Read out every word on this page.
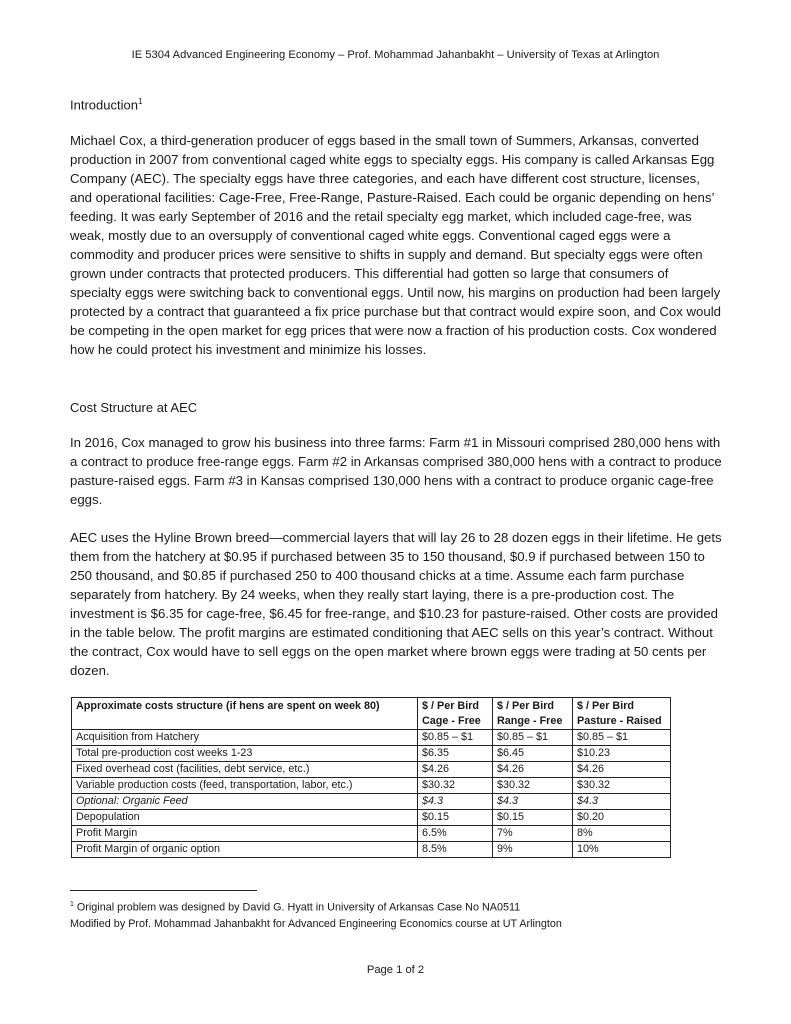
IE 5304 Advanced Engineering Economy – Prof. Mohammad Jahanbakht – University of Texas at Arlington
Introduction$^1$

Michael Cox, a third-generation producer of eggs based in the small town of Summers, Arkansas, converted production in 2007 from conventional caged white eggs to specialty eggs. His company is called Arkansas Egg Company (AEC). The specialty eggs have three categories, and each have different cost structure, licenses, and operational facilities: Cage-Free, Free-Range, Pasture-Raised. Each could be organic depending on hens’ feeding. It was early September of 2016 and the retail specialty egg market, which included cage-free, was weak, mostly due to an oversupply of conventional caged white eggs. Conventional caged eggs were a commodity and producer prices were sensitive to shifts in supply and demand. But specialty eggs were often grown under contracts that protected producers. This differential had gotten so large that consumers of specialty eggs were switching back to conventional eggs. Until now, his margins on production had been largely protected by a contract that guaranteed a fix price purchase but that contract would expire soon, and Cox would be competing in the open market for egg prices that were now a fraction of his production costs. Cox wondered how he could protect his investment and minimize his losses.

Cost Structure at AEC

In 2016, Cox managed to grow his business into three farms: Farm #1 in Missouri comprised 280,000 hens with a contract to produce free-range eggs. Farm #2 in Arkansas comprised 380,000 hens with a contract to produce pasture-raised eggs. Farm #3 in Kansas comprised 130,000 hens with a contract to produce organic cage-free eggs.

AEC uses the Hyline Brown breed—commercial layers that will lay 26 to 28 dozen eggs in their lifetime. He gets them from the hatchery at $0.95 if purchased between 35 to 150 thousand, $0.9 if purchased between 150 to 250 thousand, and $0.85 if purchased 250 to 400 thousand chicks at a time. Assume each farm purchase separately from hatchery. By 24 weeks, when they really start laying, there is a pre-production cost. The investment is $6.35 for cage-free, $6.45 for free-range, and $10.23 for pasture-raised. Other costs are provided in the table below. The profit margins are estimated conditioning that AEC sells on this year’s contract. Without the contract, Cox would have to sell eggs on the open market where brown eggs were trading at 50 cents per dozen.

Approximate costs structure (if hens are spent on week 80)	$ / Per Bird Cage - Free	$ / Per Bird Range - Free	$ / Per Bird Pasture - Raised
Acquisition from Hatchery	$0.85 – $1	$0.85 – $1	$0.85 – $1
Total pre-production cost weeks 1-23	$6.35	$6.45	$10.23
Fixed overhead cost (facilities, debt service, etc.)	$4.26	$4.26	$4.26
Variable production costs (feed, transportation, labor, etc.)	$30.32	$30.32	$30.32
Optional: Organic Feed	$4.3	$4.3	$4.3
Depopulation	$0.15	$0.15	$0.20
Profit Margin	6.5%	7%	8%
Profit Margin of organic option	8.5%	9%	10%
$^1$ Original problem was designed by David G. Hyatt in University of Arkansas Case No NA0511
Modified by Prof. Mohammad Jahanbakht for Advanced Engineering Economics course at UT Arlington
Page 1 of 2
